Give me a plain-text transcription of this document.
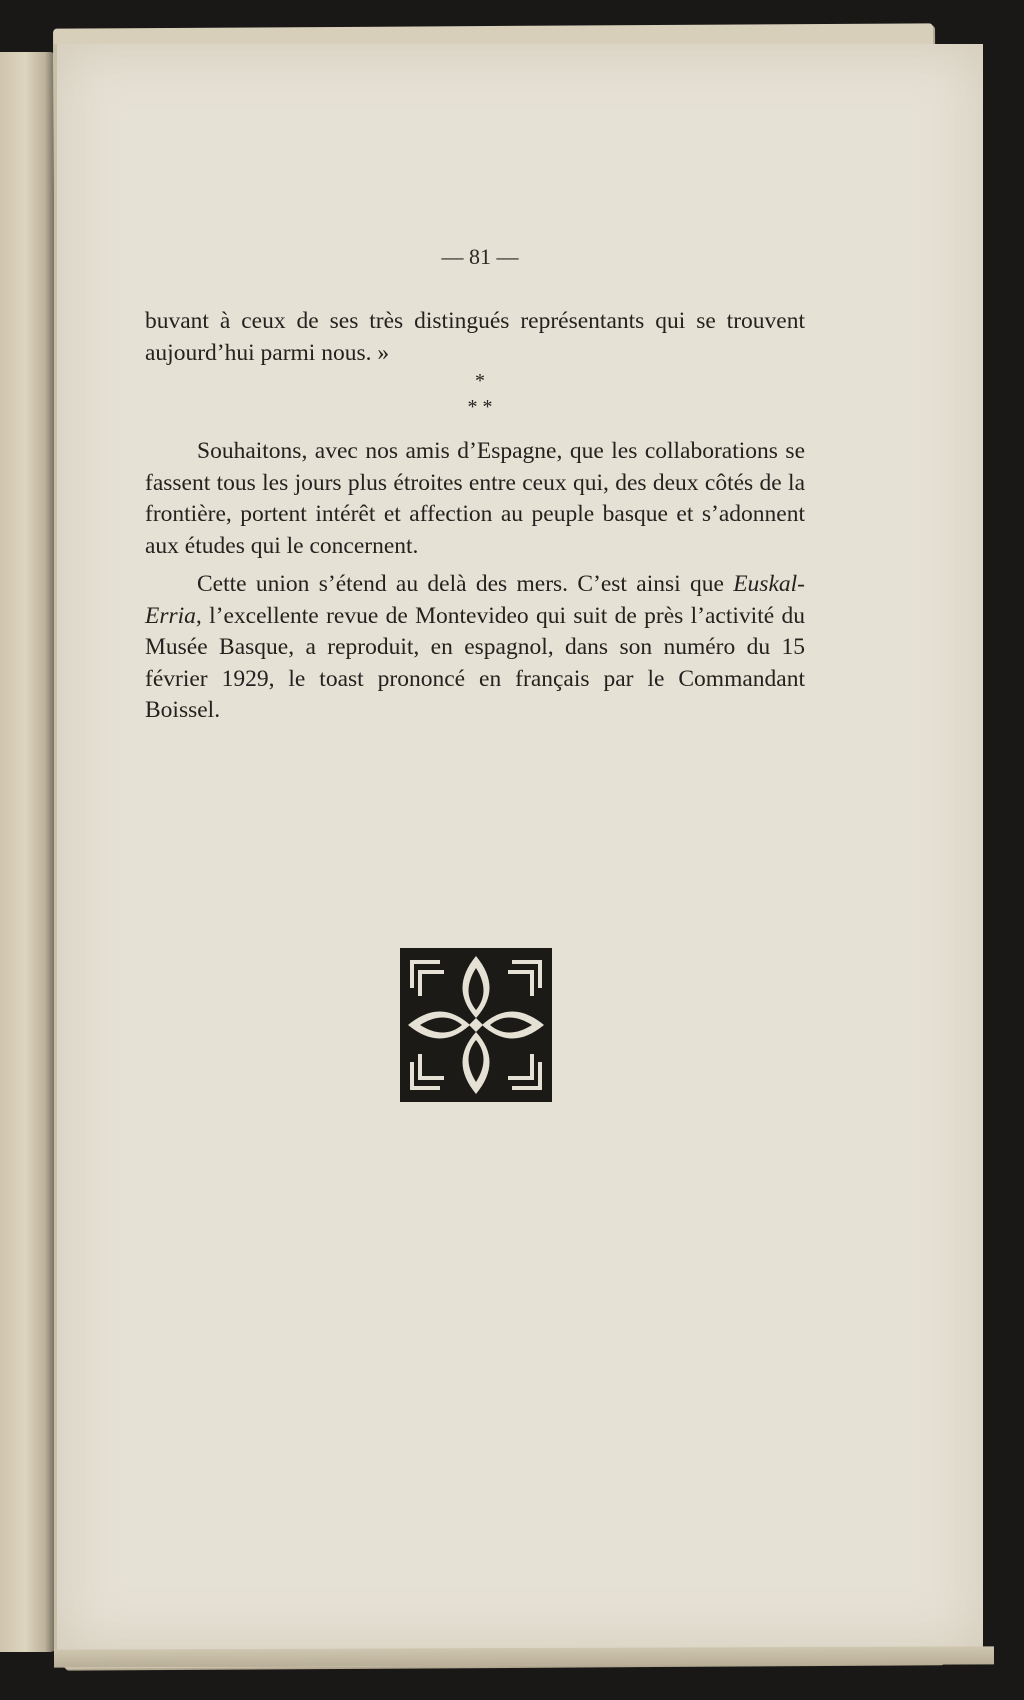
— 81 —

buvant à ceux de ses très distingués représentants qui se trouvent aujourd’hui parmi nous. »

*
* *

Souhaitons, avec nos amis d’Espagne, que les collaborations se fassent tous les jours plus étroites entre ceux qui, des deux côtés de la frontière, portent intérêt et affection au peuple basque et s’adonnent aux études qui le concernent.

Cette union s’étend au delà des mers. C’est ainsi que Euskal-Erria, l’excellente revue de Montevideo qui suit de près l’activité du Musée Basque, a reproduit, en espagnol, dans son numéro du 15 février 1929, le toast prononcé en français par le Commandant Boissel.
